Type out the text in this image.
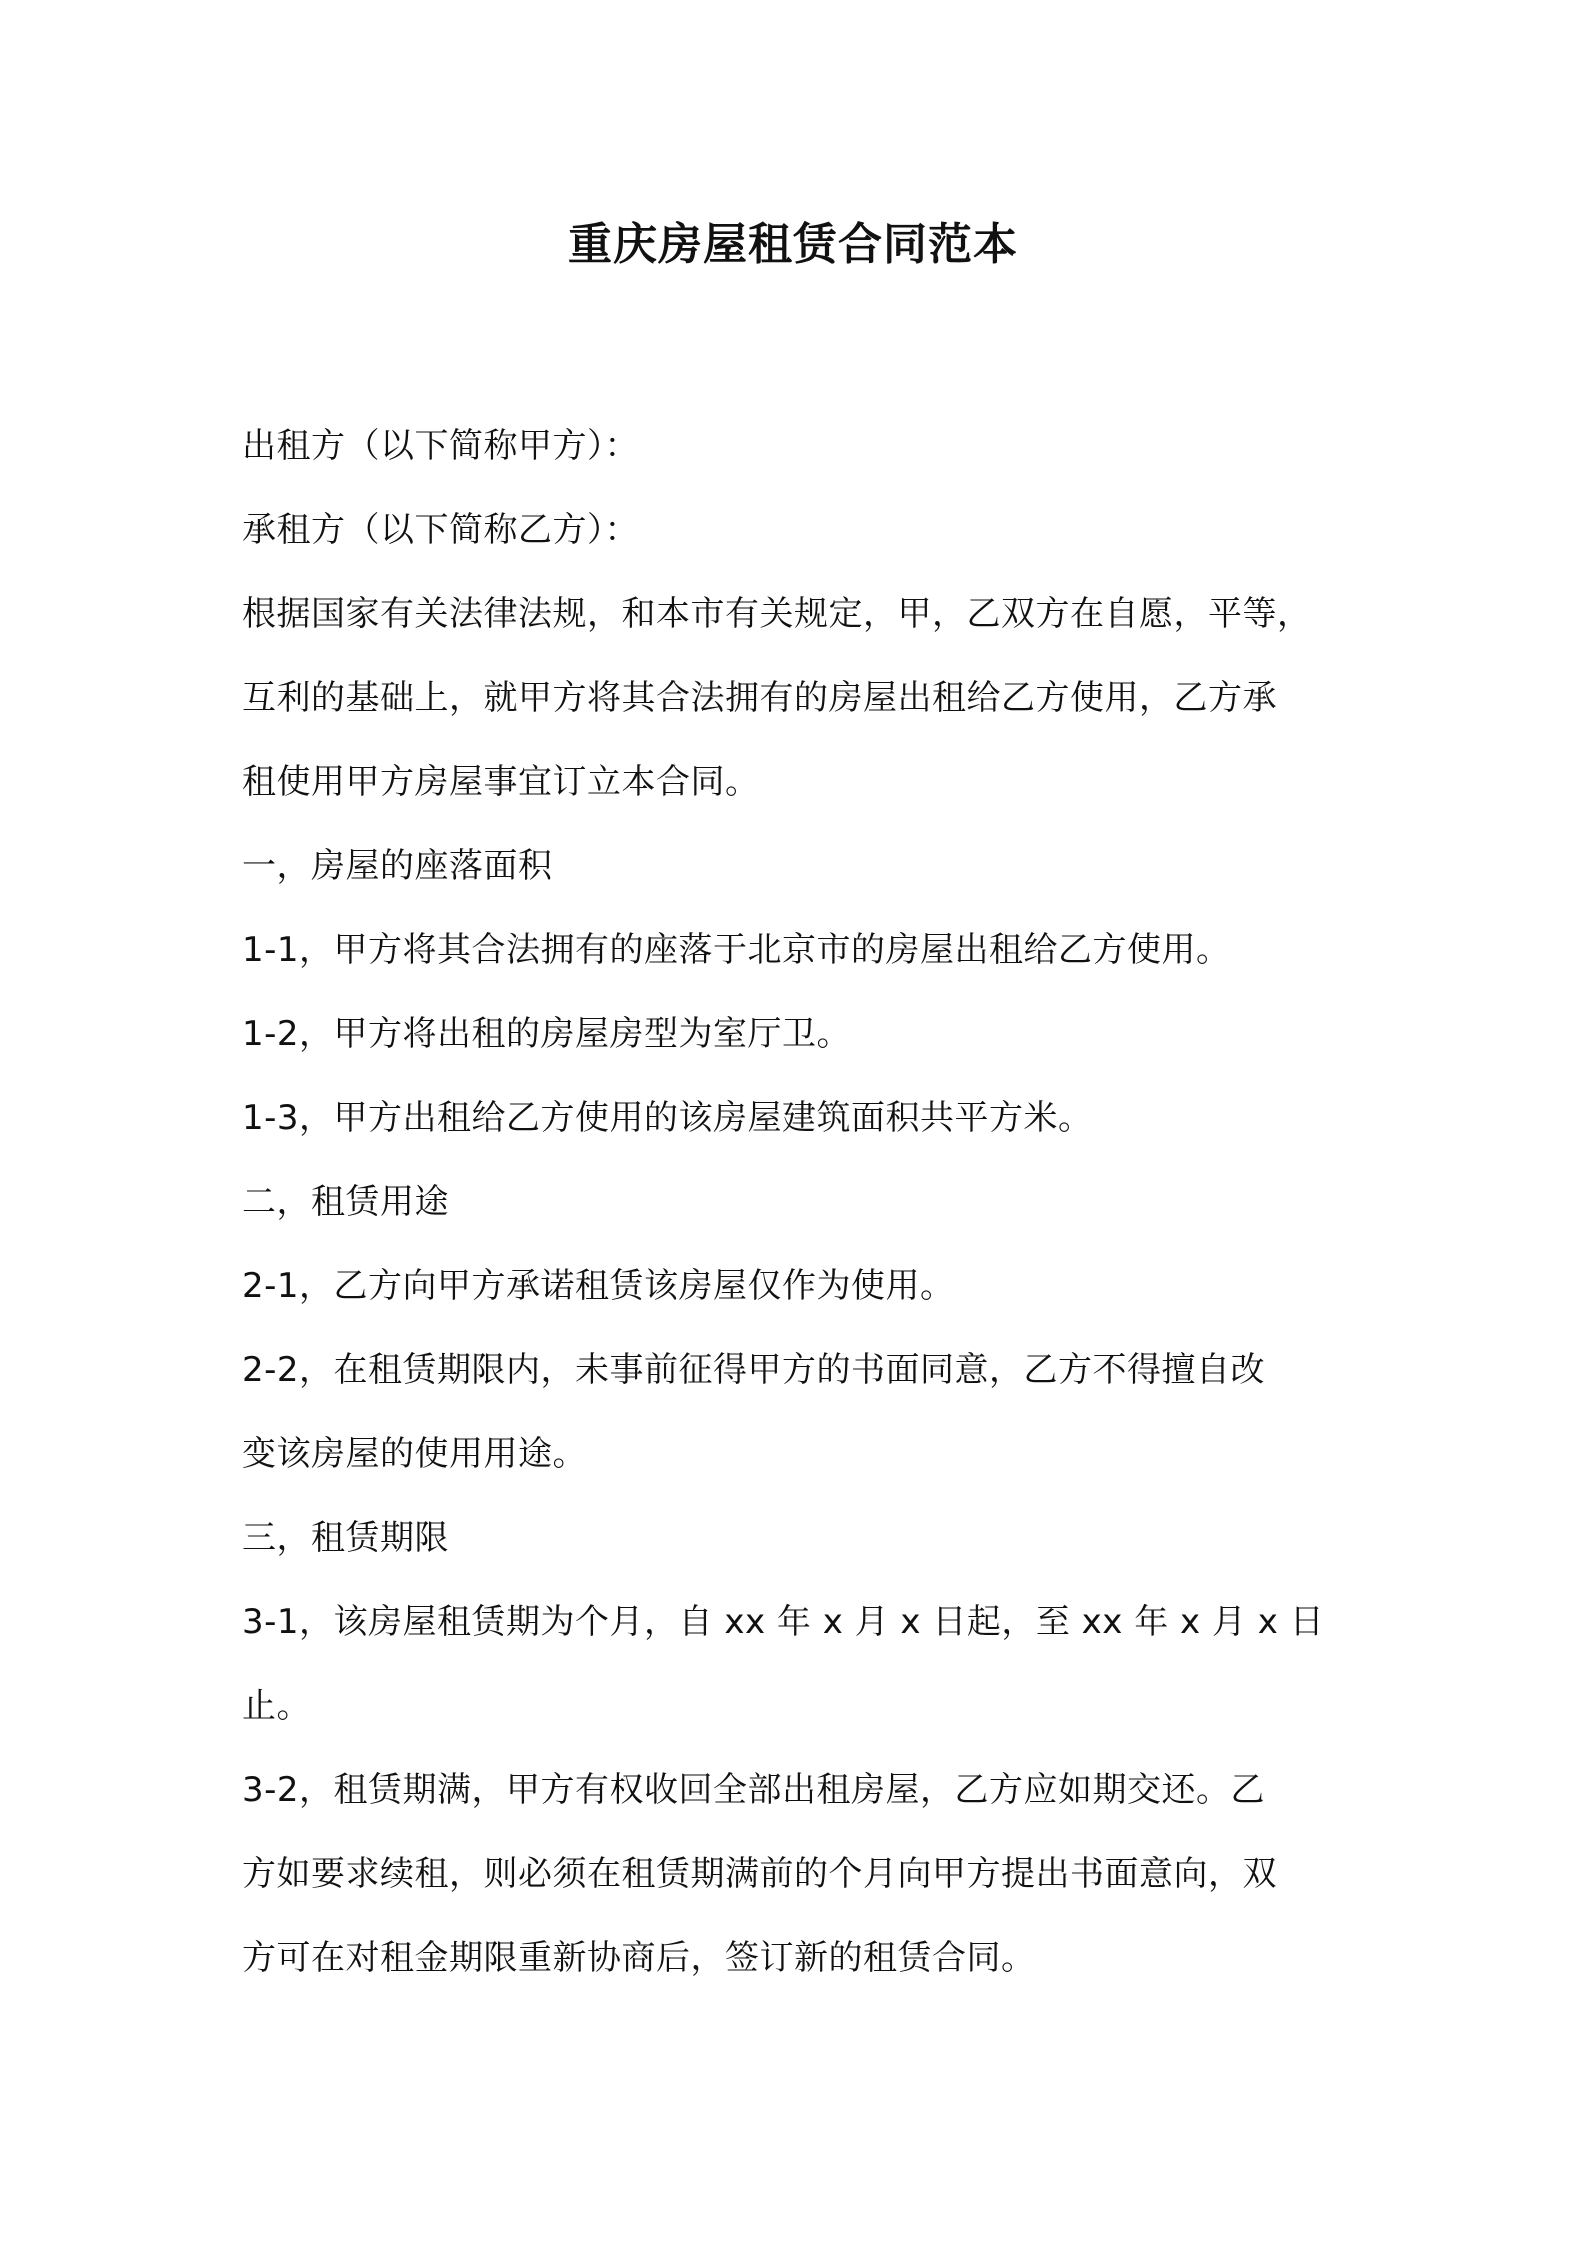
重庆房屋租赁合同范本
出租方（以下简称甲方）：
承租方（以下简称乙方）：
根据国家有关法律法规，和本市有关规定，甲，乙双方在自愿，平等，
互利的基础上，就甲方将其合法拥有的房屋出租给乙方使用，乙方承
租使用甲方房屋事宜订立本合同。
一，房屋的座落面积
1-1，甲方将其合法拥有的座落于北京市的房屋出租给乙方使用。
1-2，甲方将出租的房屋房型为室厅卫。
1-3，甲方出租给乙方使用的该房屋建筑面积共平方米。
二，租赁用途
2-1，乙方向甲方承诺租赁该房屋仅作为使用。
2-2，在租赁期限内，未事前征得甲方的书面同意，乙方不得擅自改
变该房屋的使用用途。
三，租赁期限
3-1，该房屋租赁期为个月，自 xx 年 x 月 x 日起，至 xx 年 x 月 x 日
止。
3-2，租赁期满，甲方有权收回全部出租房屋，乙方应如期交还。乙
方如要求续租，则必须在租赁期满前的个月向甲方提出书面意向，双
方可在对租金期限重新协商后，签订新的租赁合同。
